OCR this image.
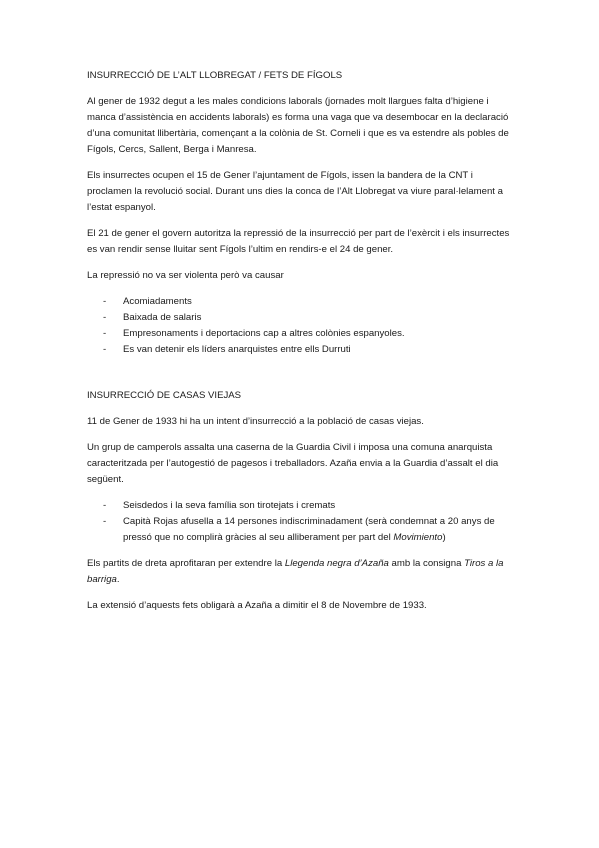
INSURRECCIÓ DE L’ALT LLOBREGAT / FETS DE FÍGOLS

Al gener de 1932 degut a les males condicions laborals (jornades molt llargues falta d’higiene i manca d’assistència en accidents laborals) es forma una vaga que va desembocar en la declaració d’una comunitat llibertària, començant a la colònia de St. Corneli i que es va estendre als pobles de Fígols, Cercs, Sallent, Berga i Manresa.

Els insurrectes ocupen el 15 de Gener l’ajuntament de Fígols, issen la bandera de la CNT i proclamen la revolució social. Durant uns dies la conca de l’Alt Llobregat va viure paral·lelament a l’estat espanyol.

El 21 de gener el govern autoritza la repressió de la insurrecció per part de l’exèrcit i els insurrectes es van rendir sense lluitar sent Fígols l’ultim en rendirs-e el 24 de gener.

La repressió no va ser violenta però va causar

- Acomiadaments
- Baixada de salaris
- Empresonaments i deportacions cap a altres colònies espanyoles.
- Es van detenir els líders anarquistes entre ells Durruti
INSURRECCIÓ DE CASAS VIEJAS

11 de Gener de 1933 hi ha un intent d’insurrecció a la població de casas viejas.

Un grup de camperols assalta una caserna de la Guardia Civil i imposa una comuna anarquista caracteritzada per l’autogestió de pagesos i treballadors. Azaña envia a la Guardia d’assalt el dia següent.

- Seisdedos i la seva família son tirotejats i cremats
- Capità Rojas afusella a 14 persones indiscriminadament (serà condemnat a 20 anys de pressó que no complirà gràcies al seu alliberament per part del Movimiento)

Els partits de dreta aprofitaran per extendre la Llegenda negra d’Azaña amb la consigna Tiros a la barriga.

La extensió d’aquests fets obligarà a Azaña a dimitir el 8 de Novembre de 1933.
